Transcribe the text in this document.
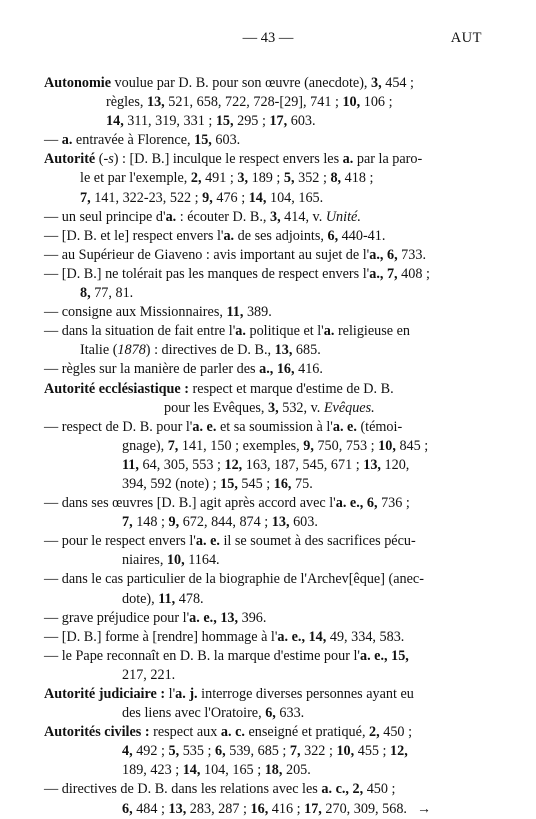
— 43 —	AUT
Autonomie voulue par D. B. pour son œuvre (anecdote), 3, 454 ;
règles, 13, 521, 658, 722, 728-[29], 741 ; 10, 106 ;
14, 311, 319, 331 ; 15, 295 ; 17, 603.
— a. entravée à Florence, 15, 603.
Autorité (-s) : [D. B.] inculque le respect envers les a. par la paro-
le et par l'exemple, 2, 491 ; 3, 189 ; 5, 352 ; 8, 418 ;
7, 141, 322-23, 522 ; 9, 476 ; 14, 104, 165.
— un seul principe d'a. : écouter D. B., 3, 414, v. Unité.
— [D. B. et le] respect envers l'a. de ses adjoints, 6, 440-41.
— au Supérieur de Giaveno : avis important au sujet de l'a., 6, 733.
— [D. B.] ne tolérait pas les manques de respect envers l'a., 7, 408 ;
8, 77, 81.
— consigne aux Missionnaires, 11, 389.
— dans la situation de fait entre l'a. politique et l'a. religieuse en
Italie (1878) : directives de D. B., 13, 685.
— règles sur la manière de parler des a., 16, 416.
Autorité ecclésiastique : respect et marque d'estime de D. B.
pour les Evêques, 3, 532, v. Evêques.
— respect de D. B. pour l'a. e. et sa soumission à l'a. e. (témoi-
gnage), 7, 141, 150 ; exemples, 9, 750, 753 ; 10, 845 ;
11, 64, 305, 553 ; 12, 163, 187, 545, 671 ; 13, 120,
394, 592 (note) ; 15, 545 ; 16, 75.
— dans ses œuvres [D. B.] agit après accord avec l'a. e., 6, 736 ;
7, 148 ; 9, 672, 844, 874 ; 13, 603.
— pour le respect envers l'a. e. il se soumet à des sacrifices pécu-
niaires, 10, 1164.
— dans le cas particulier de la biographie de l'Archev[êque] (anec-
dote), 11, 478.
— grave préjudice pour l'a. e., 13, 396.
— [D. B.] forme à [rendre] hommage à l'a. e., 14, 49, 334, 583.
— le Pape reconnaît en D. B. la marque d'estime pour l'a. e., 15,
217, 221.
Autorité judiciaire : l'a. j. interroge diverses personnes ayant eu
des liens avec l'Oratoire, 6, 633.
Autorités civiles : respect aux a. c. enseigné et pratiqué, 2, 450 ;
4, 492 ; 5, 535 ; 6, 539, 685 ; 7, 322 ; 10, 455 ; 12,
189, 423 ; 14, 104, 165 ; 18, 205.
— directives de D. B. dans les relations avec les a. c., 2, 450 ;
6, 484 ; 13, 283, 287 ; 16, 416 ; 17, 270, 309, 568. →
